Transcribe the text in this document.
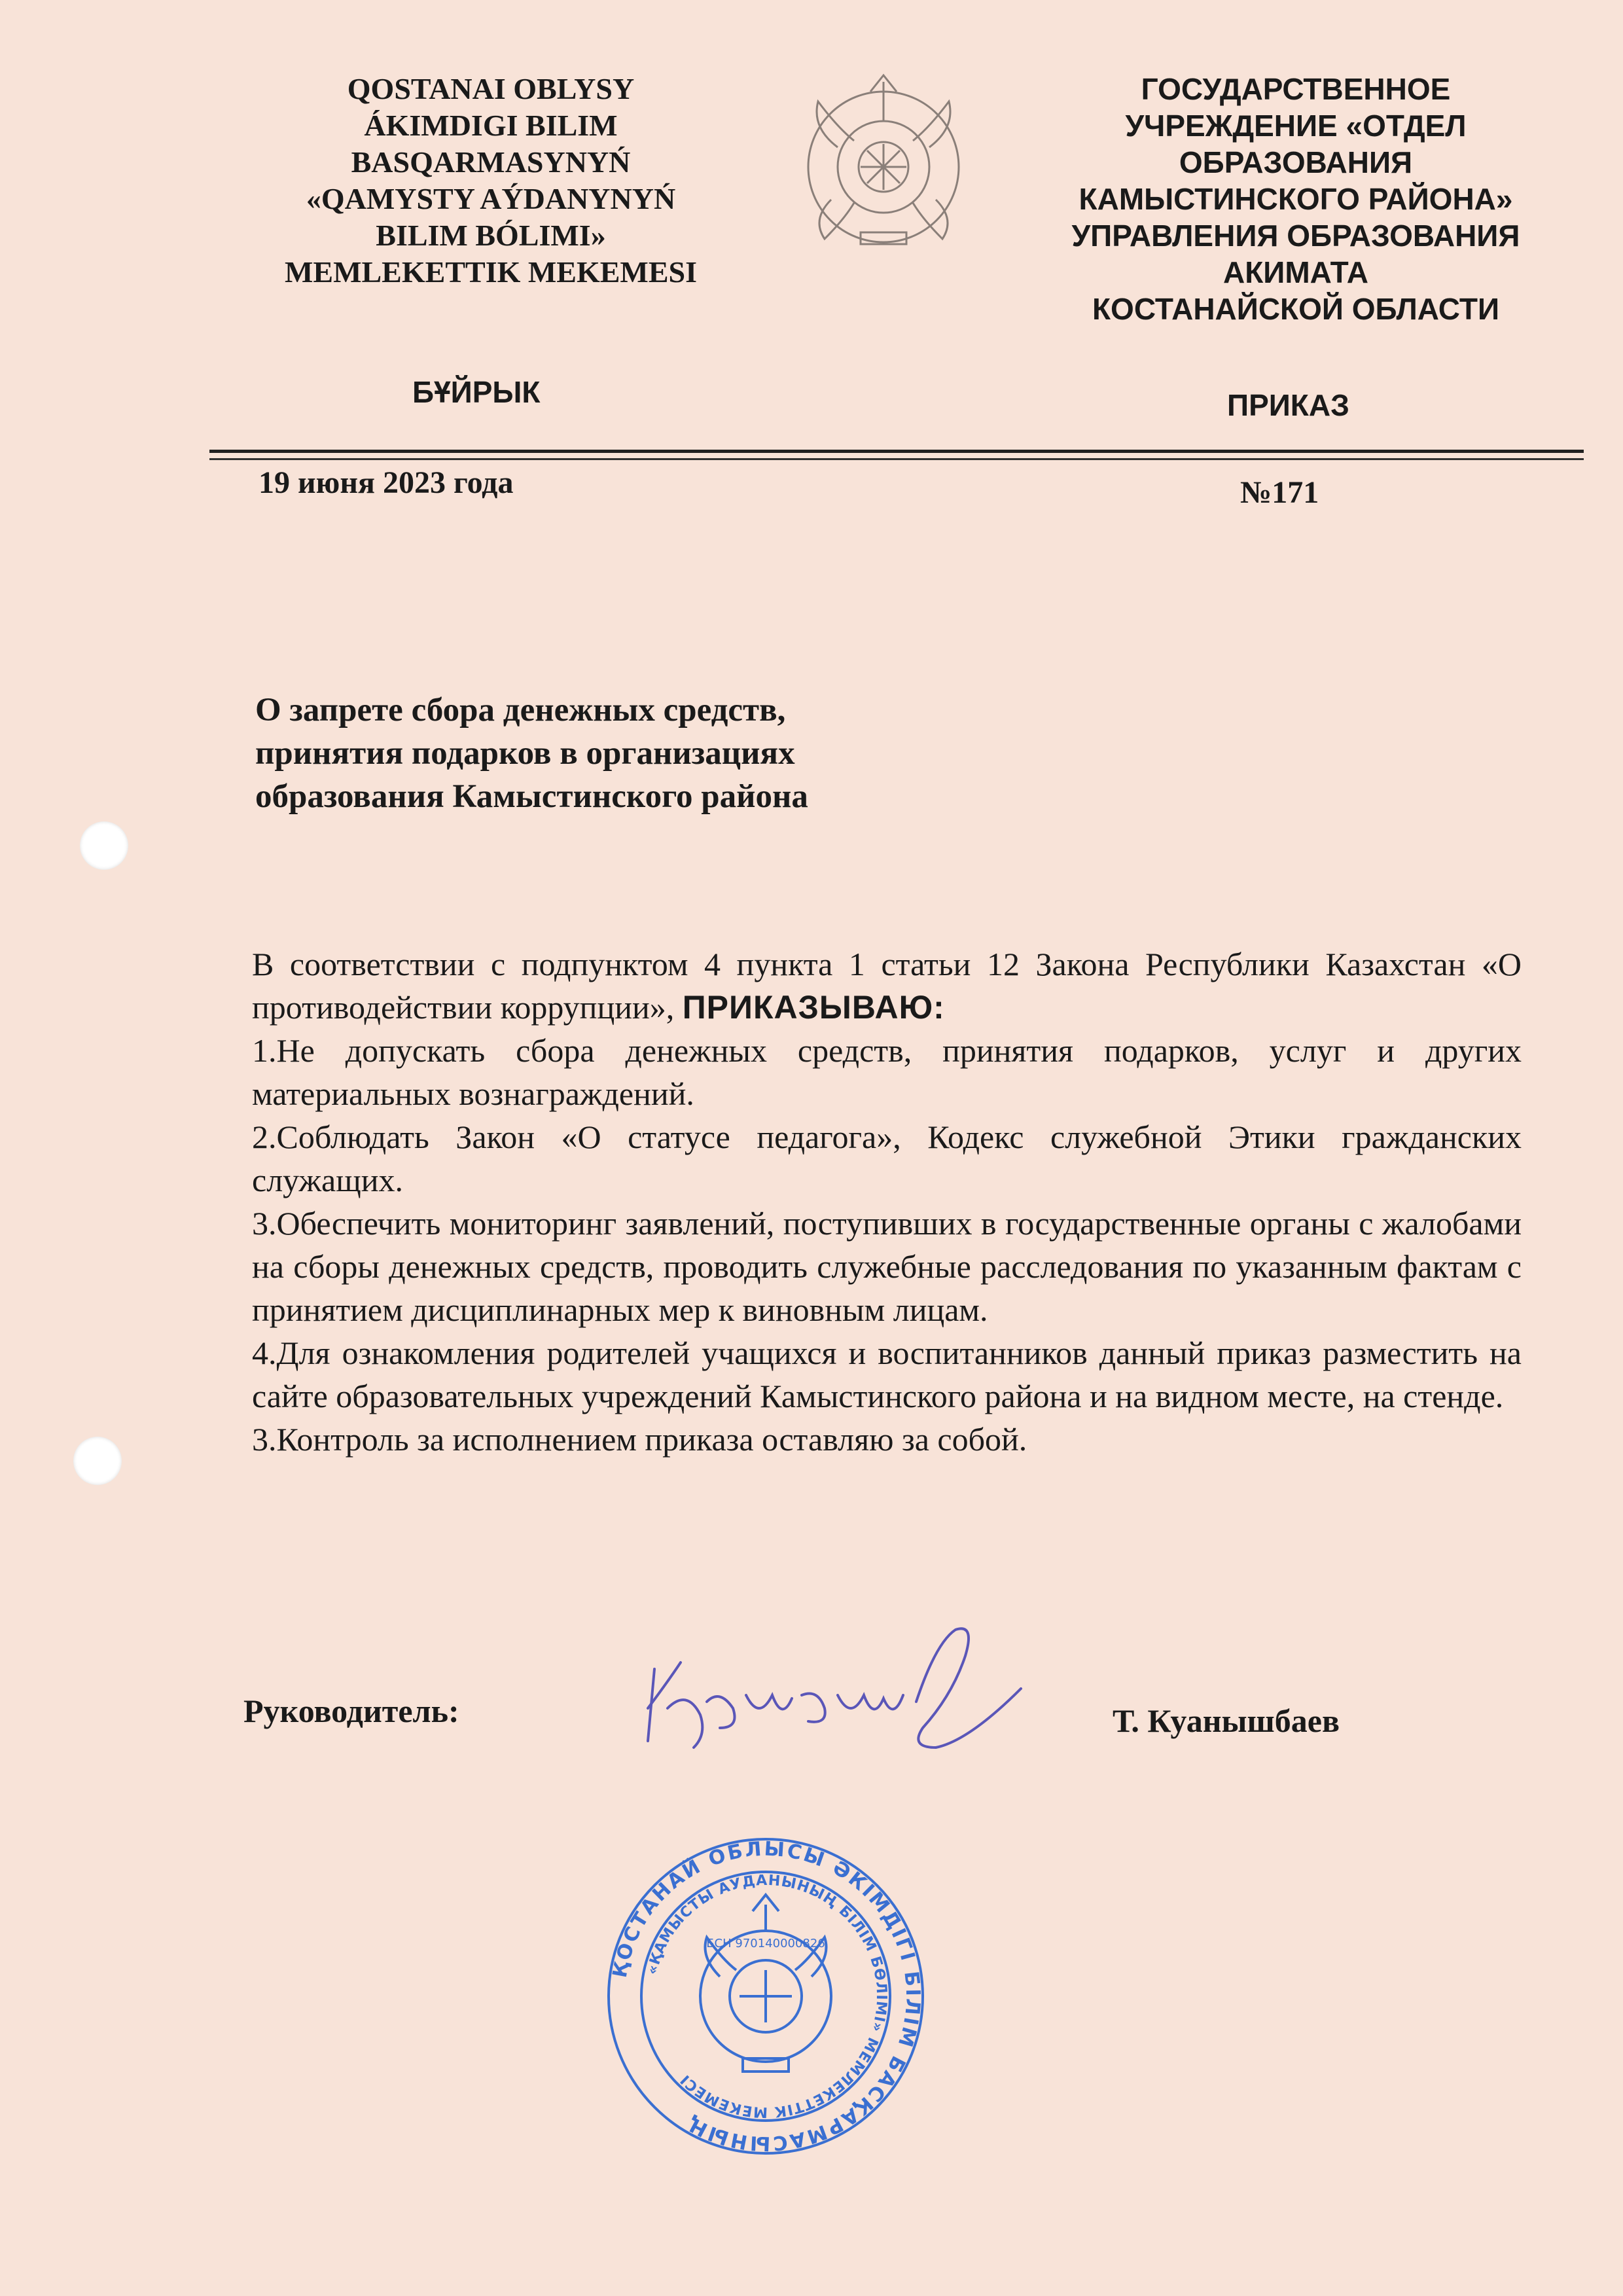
QOSTANAI OBLYSY
ÁKIMDIGI BILIM
BASQARMASYNYŃ
«QAMYSTY AÝDANYNYŃ
BILIM BÓLIMI»
MEMLEKETTIK MEKEMESI
ГОСУДАРСТВЕННОЕ
УЧРЕЖДЕНИЕ «ОТДЕЛ
ОБРАЗОВАНИЯ
КАМЫСТИНСКОГО РАЙОНА»
УПРАВЛЕНИЯ ОБРАЗОВАНИЯ
АКИМАТА
КОСТАНАЙСКОЙ ОБЛАСТИ
БҰЙРЫК	ПРИКАЗ
19 июня 2023 года	№171
О запрете сбора денежных средств,
принятия подарков в организациях
образования Камыстинского района

В соответствии с подпунктом 4 пункта 1 статьи 12 Закона Республики Казахстан «О противодействии коррупции», ПРИКАЗЫВАЮ:

1.Не допускать сбора денежных средств, принятия подарков, услуг и других материальных вознаграждений.

2.Соблюдать Закон «О статусе педагога», Кодекс служебной Этики гражданских служащих.

3.Обеспечить мониторинг заявлений, поступивших в государственные органы с жалобами на сборы денежных средств, проводить служебные расследования по указанным фактам с принятием дисциплинарных мер к виновным лицам.

4.Для ознакомления родителей учащихся и воспитанников данный приказ разместить на сайте образовательных учреждений Камыстинского района и на видном месте, на стенде.

3.Контроль за исполнением приказа оставляю за собой.

Руководитель:	Т. Куанышбаев
ҚОСТАНАЙ ОБЛЫСЫ ӘКІМДІГІ БІЛІМ БАСҚАРМАСЫНЫҢ
«ҚАМЫСТЫ АУДАНЫНЫҢ БІЛІМ БӨЛІМІ» МЕМЛЕКЕТТІК МЕКЕМЕСІ
БСН 970140000826
